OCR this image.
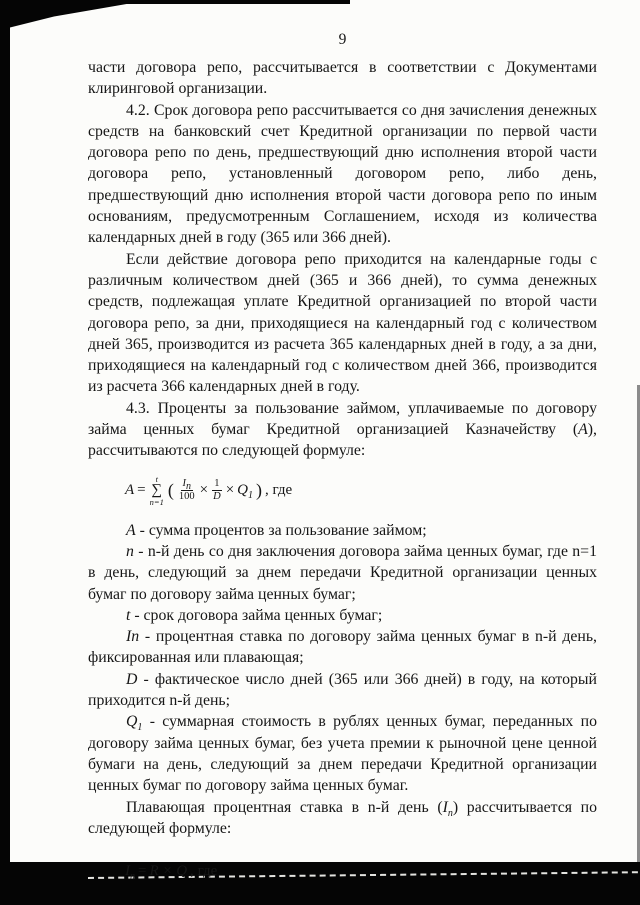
9

части договора репо, рассчитывается в соответствии с Документами клиринговой организации.

4.2. Срок договора репо рассчитывается со дня зачисления денежных средств на банковский счет Кредитной организации по первой части договора репо по день, предшествующий дню исполнения второй части договора репо, установленный договором репо, либо день, предшествующий дню исполнения второй части договора репо по иным основаниям, предусмотренным Соглашением, исходя из количества календарных дней в году (365 или 366 дней).

Если действие договора репо приходится на календарные годы с различным количеством дней (365 и 366 дней), то сумма денежных средств, подлежащая уплате Кредитной организацией по второй части договора репо, за дни, приходящиеся на календарный год с количеством дней 365, производится из расчета 365 календарных дней в году, а за дни, приходящиеся на календарный год с количеством дней 366, производится из расчета 366 календарных дней в году.

4.3. Проценты за пользование займом, уплачиваемые по договору займа ценных бумаг Кредитной организацией Казначейству (A), рассчитываются по следующей формуле:

A =
t
∑
n=1
( $\frac{I_n}{100} \times \frac{1}{D} \times Q_1$ ) , где

A - сумма процентов за пользование займом;

n - n-й день со дня заключения договора займа ценных бумаг, где n=1 в день, следующий за днем передачи Кредитной организации ценных бумаг по договору займа ценных бумаг;

t - срок договора займа ценных бумаг;

In - процентная ставка по договору займа ценных бумаг в n-й день, фиксированная или плавающая;

D - фактическое число дней (365 или 366 дней) в году, на который приходится n-й день;

$Q_1$ - суммарная стоимость в рублях ценных бумаг, переданных по договору займа ценных бумаг, без учета премии к рыночной цене ценной бумаги на день, следующий за днем передачи Кредитной организации ценных бумаг по договору займа ценных бумаг.

Плавающая процентная ставка в n-й день $(I_n)$ рассчитывается по следующей формуле:

$I_n = R \times Q$ , где
